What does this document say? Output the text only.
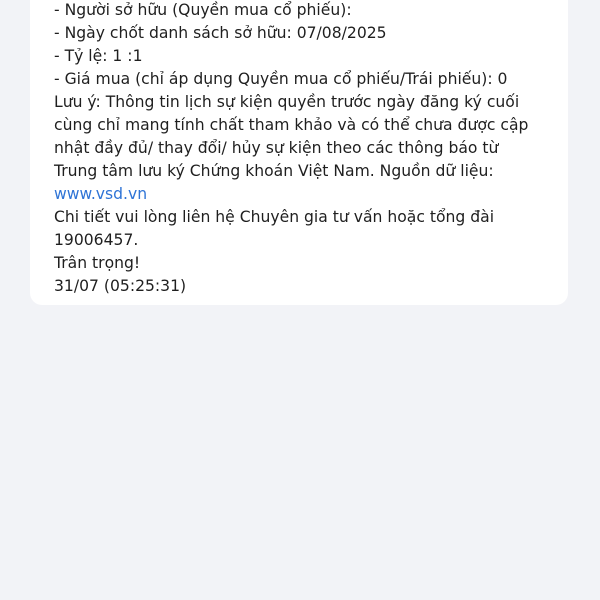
- Người sở hữu (Quyền mua cổ phiếu):
- Ngày chốt danh sách sở hữu: 07/08/2025
- Tỷ lệ: 1 :1
- Giá mua (chỉ áp dụng Quyền mua cổ phiếu/Trái phiếu): 0
Lưu ý: Thông tin lịch sự kiện quyền trước ngày đăng ký cuối
cùng chỉ mang tính chất tham khảo và có thể chưa được cập
nhật đầy đủ/ thay đổi/ hủy sự kiện theo các thông báo từ
Trung tâm lưu ký Chứng khoán Việt Nam. Nguồn dữ liệu:
www.vsd.vn
Chi tiết vui lòng liên hệ Chuyên gia tư vấn hoặc tổng đài
19006457.
Trân trọng!
31/07 (05:25:31)
